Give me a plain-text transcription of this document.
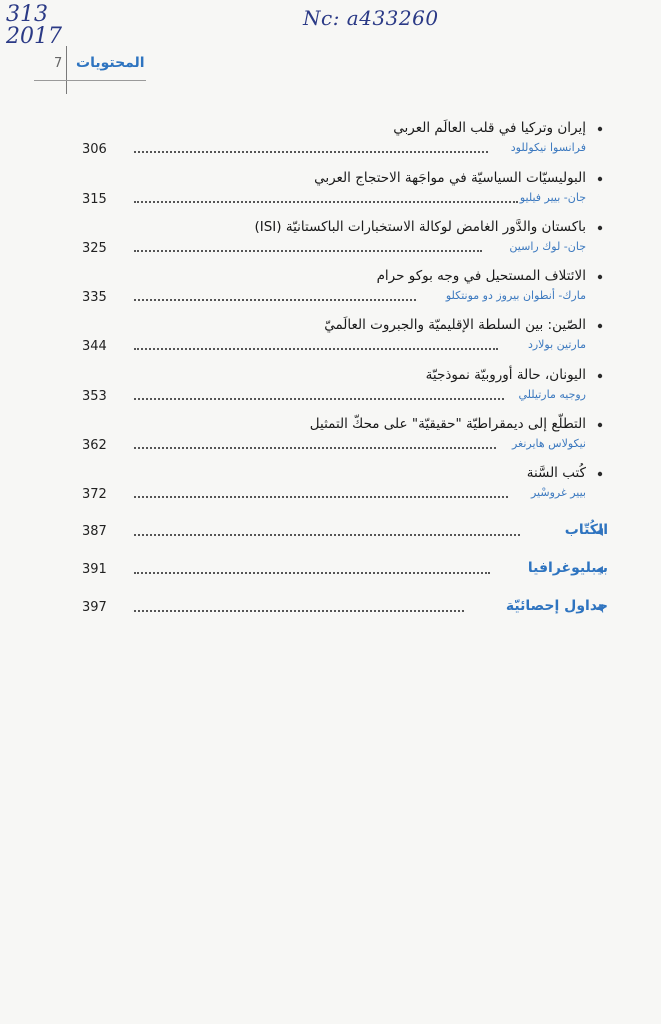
313
2017
Nc: a433260
المحتويات
7
إيران وتركيا في قلب العالَم العربي
فرانسوا نيكوللود
306
البوليسيّات السياسيّة في مواجَهة الاحتجاج العربي
جان- بيير فيليو
315
باكستان والدَّور الغامض لوكالة الاستخبارات الباكستانيّة (ISI)
جان- لوك راسين
325
الائتلاف المستحيل في وجه بوكو حرام
مارك- أنطوان بيروز دو مونتكلو
335
الصّين: بين السلطة الإقليميّة والجبروت العالَميّ
مارتين بولارد
344
اليونان، حالة أوروبيّة نموذجيّة
روجيه مارتيللي
353
التطلّع إلى ديمقراطيّة "حقيقيّة" على محكّ التمثيل
نيكولاس هايرنغر
362
كُتب السَّنة
بيير غروسْير
372
الكُتّاب
387
بيبليوغرافيا
391
جداول إحصائيّة
397
